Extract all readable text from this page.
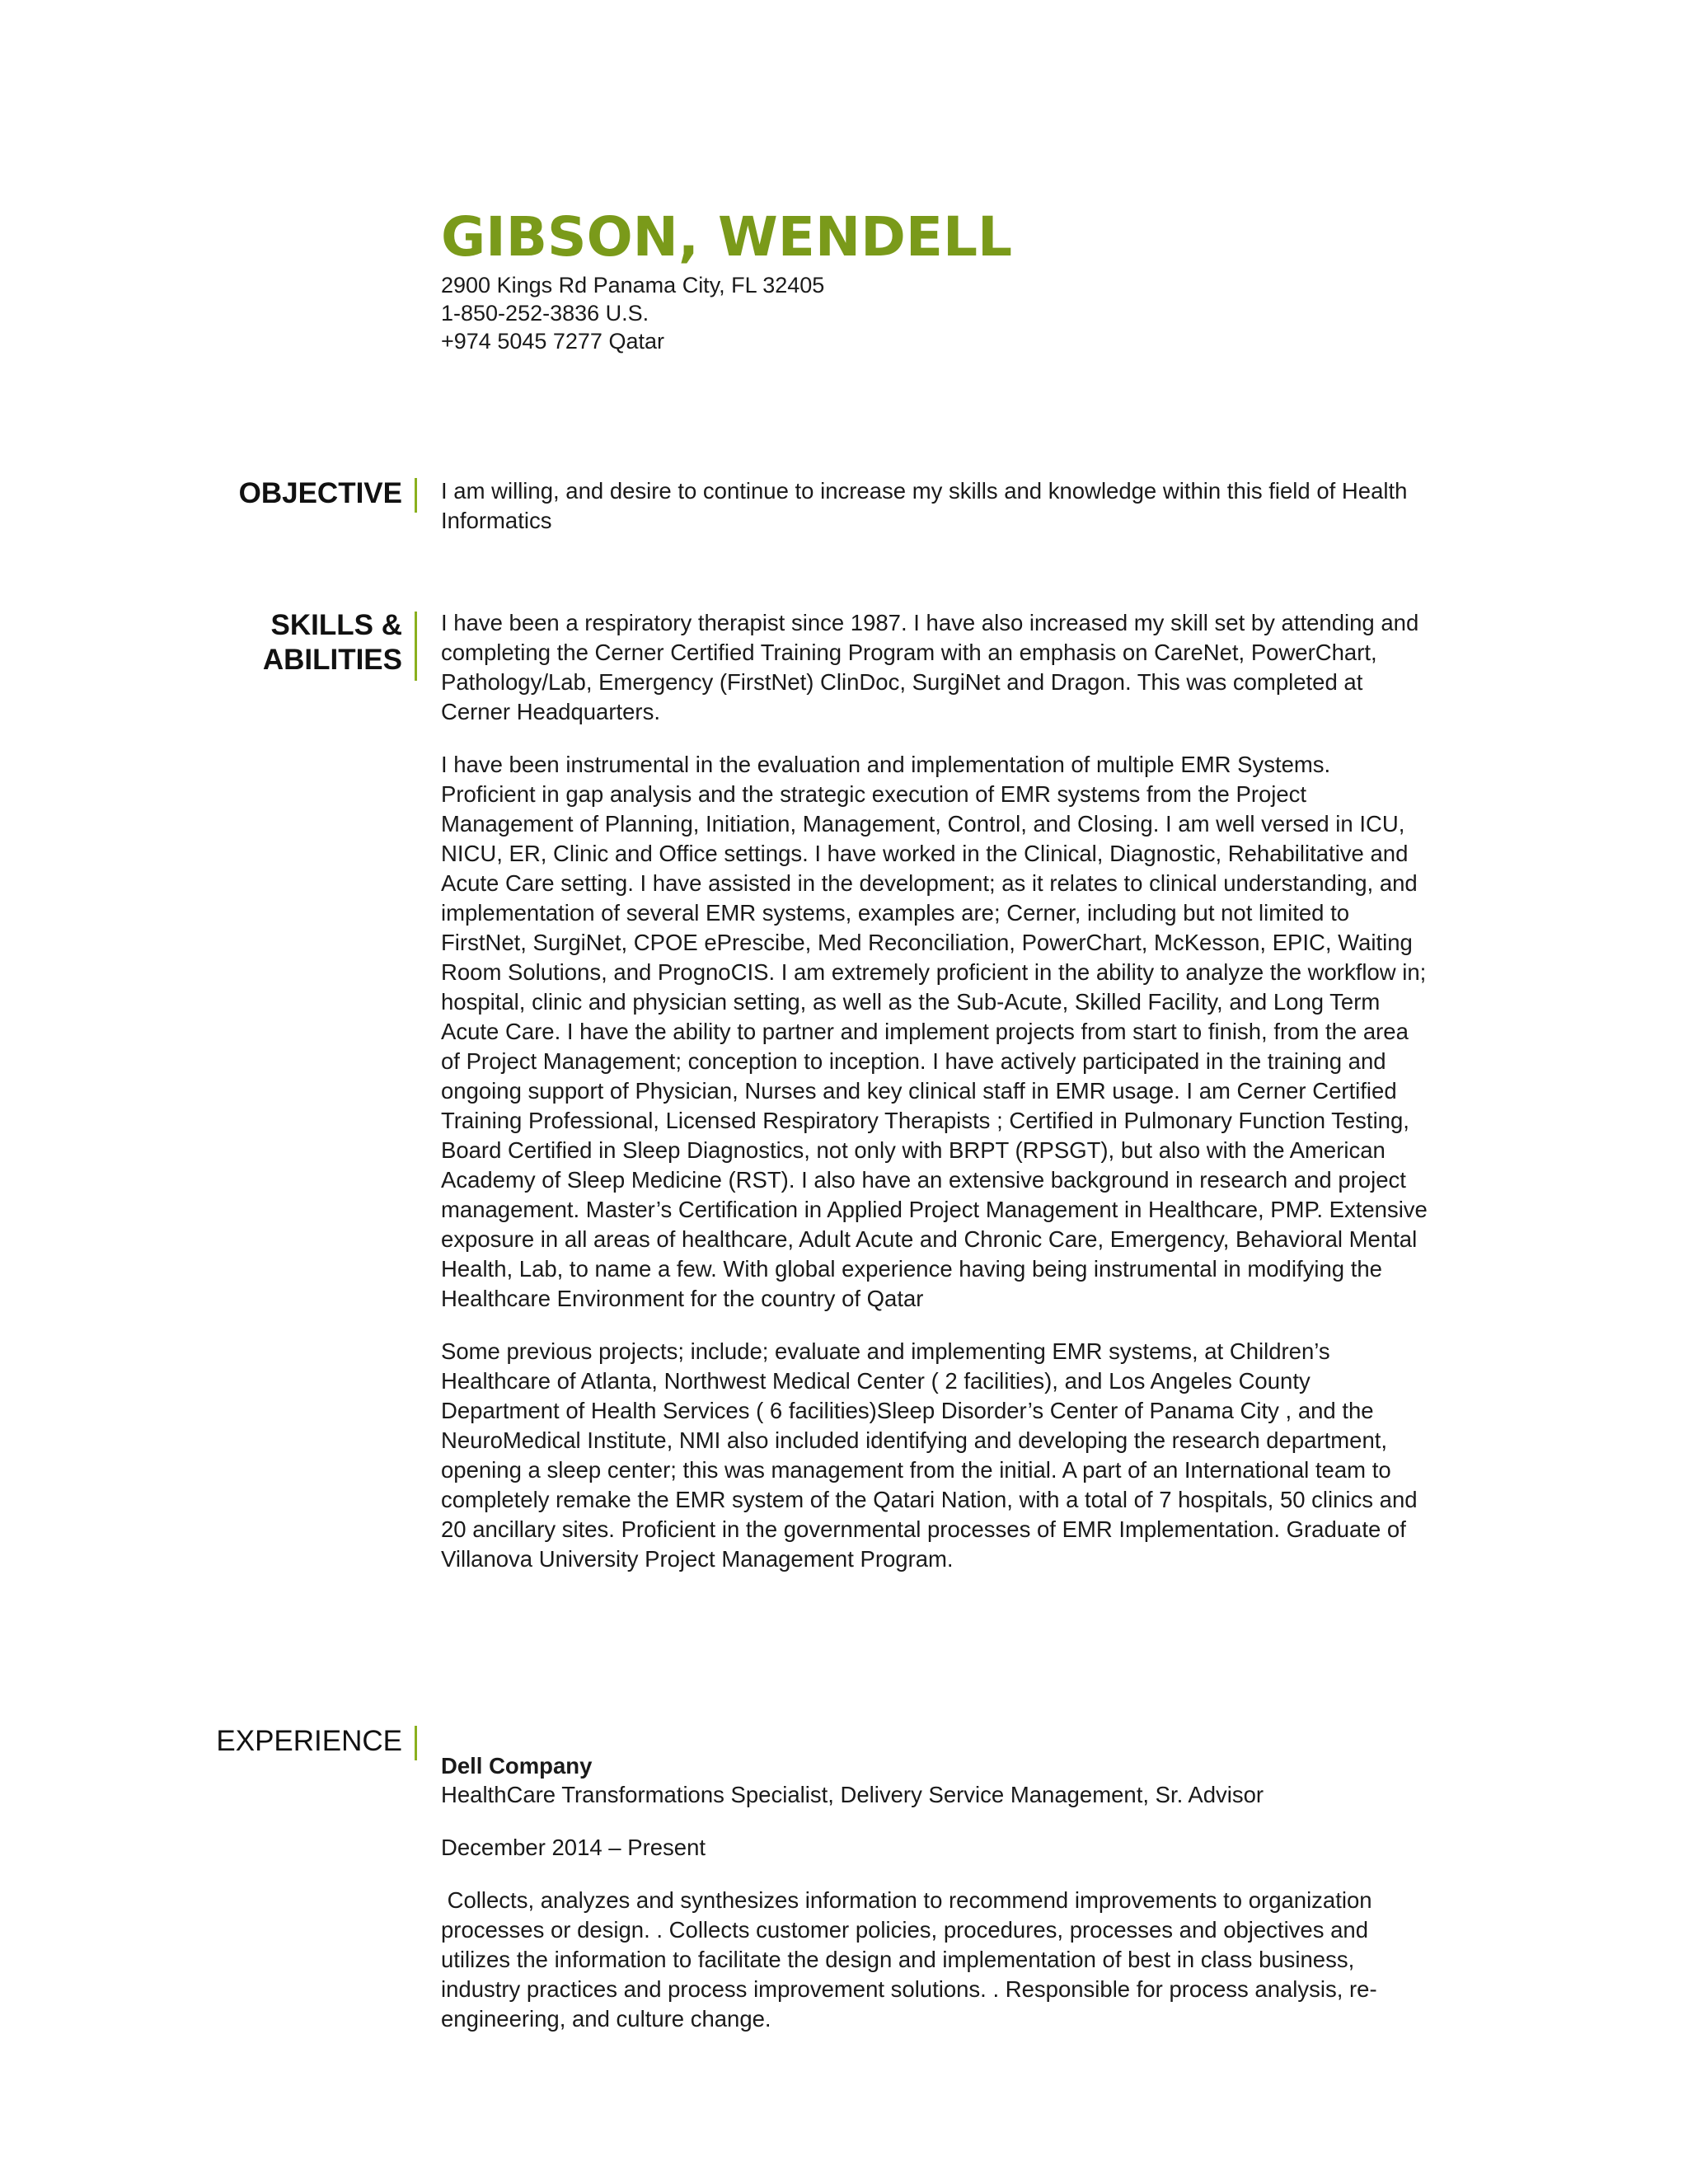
GIBSON, WENDELL
2900 Kings Rd Panama City, FL 32405
1-850-252-3836 U.S.
+974 5045 7277 Qatar
OBJECTIVE I am willing, and desire to continue to increase my skills and knowledge within this field of Health Informatics

SKILLS &
ABILITIES

I have been a respiratory therapist since 1987. I have also increased my skill set by attending and completing the Cerner Certified Training Program with an emphasis on CareNet, PowerChart, Pathology/Lab, Emergency (FirstNet) ClinDoc, SurgiNet and Dragon. This was completed at Cerner Headquarters.

I have been instrumental in the evaluation and implementation of multiple EMR Systems. Proficient in gap analysis and the strategic execution of EMR systems from the Project Management of Planning, Initiation, Management, Control, and Closing. I am well versed in ICU, NICU, ER, Clinic and Office settings. I have worked in the Clinical, Diagnostic, Rehabilitative and Acute Care setting. I have assisted in the development; as it relates to clinical understanding, and implementation of several EMR systems, examples are; Cerner, including but not limited to FirstNet, SurgiNet, CPOE ePrescibe, Med Reconciliation, PowerChart, McKesson, EPIC, Waiting Room Solutions, and PrognoCIS. I am extremely proficient in the ability to analyze the workflow in; hospital, clinic and physician setting, as well as the Sub-Acute, Skilled Facility, and Long Term Acute Care. I have the ability to partner and implement projects from start to finish, from the area of Project Management; conception to inception. I have actively participated in the training and ongoing support of Physician, Nurses and key clinical staff in EMR usage. I am Cerner Certified Training Professional, Licensed Respiratory Therapists ; Certified in Pulmonary Function Testing, Board Certified in Sleep Diagnostics, not only with BRPT (RPSGT), but also with the American Academy of Sleep Medicine (RST). I also have an extensive background in research and project management. Master’s Certification in Applied Project Management in Healthcare, PMP. Extensive exposure in all areas of healthcare, Adult Acute and Chronic Care, Emergency, Behavioral Mental Health, Lab, to name a few. With global experience having being instrumental in modifying the Healthcare Environment for the country of Qatar

Some previous projects; include; evaluate and implementing EMR systems, at Children’s Healthcare of Atlanta, Northwest Medical Center ( 2 facilities), and Los Angeles County Department of Health Services ( 6 facilities)Sleep Disorder’s Center of Panama City , and the NeuroMedical Institute, NMI also included identifying and developing the research department, opening a sleep center; this was management from the initial. A part of an International team to completely remake the EMR system of the Qatari Nation, with a total of 7 hospitals, 50 clinics and 20 ancillary sites. Proficient in the governmental processes of EMR Implementation. Graduate of Villanova University Project Management Program.

EXPERIENCE
Dell Company

HealthCare Transformations Specialist, Delivery Service Management, Sr. Advisor

December 2014 – Present

Collects, analyzes and synthesizes information to recommend improvements to organization processes or design. . Collects customer policies, procedures, processes and objectives and utilizes the information to facilitate the design and implementation of best in class business, industry practices and process improvement solutions. . Responsible for process analysis, re-engineering, and culture change.
